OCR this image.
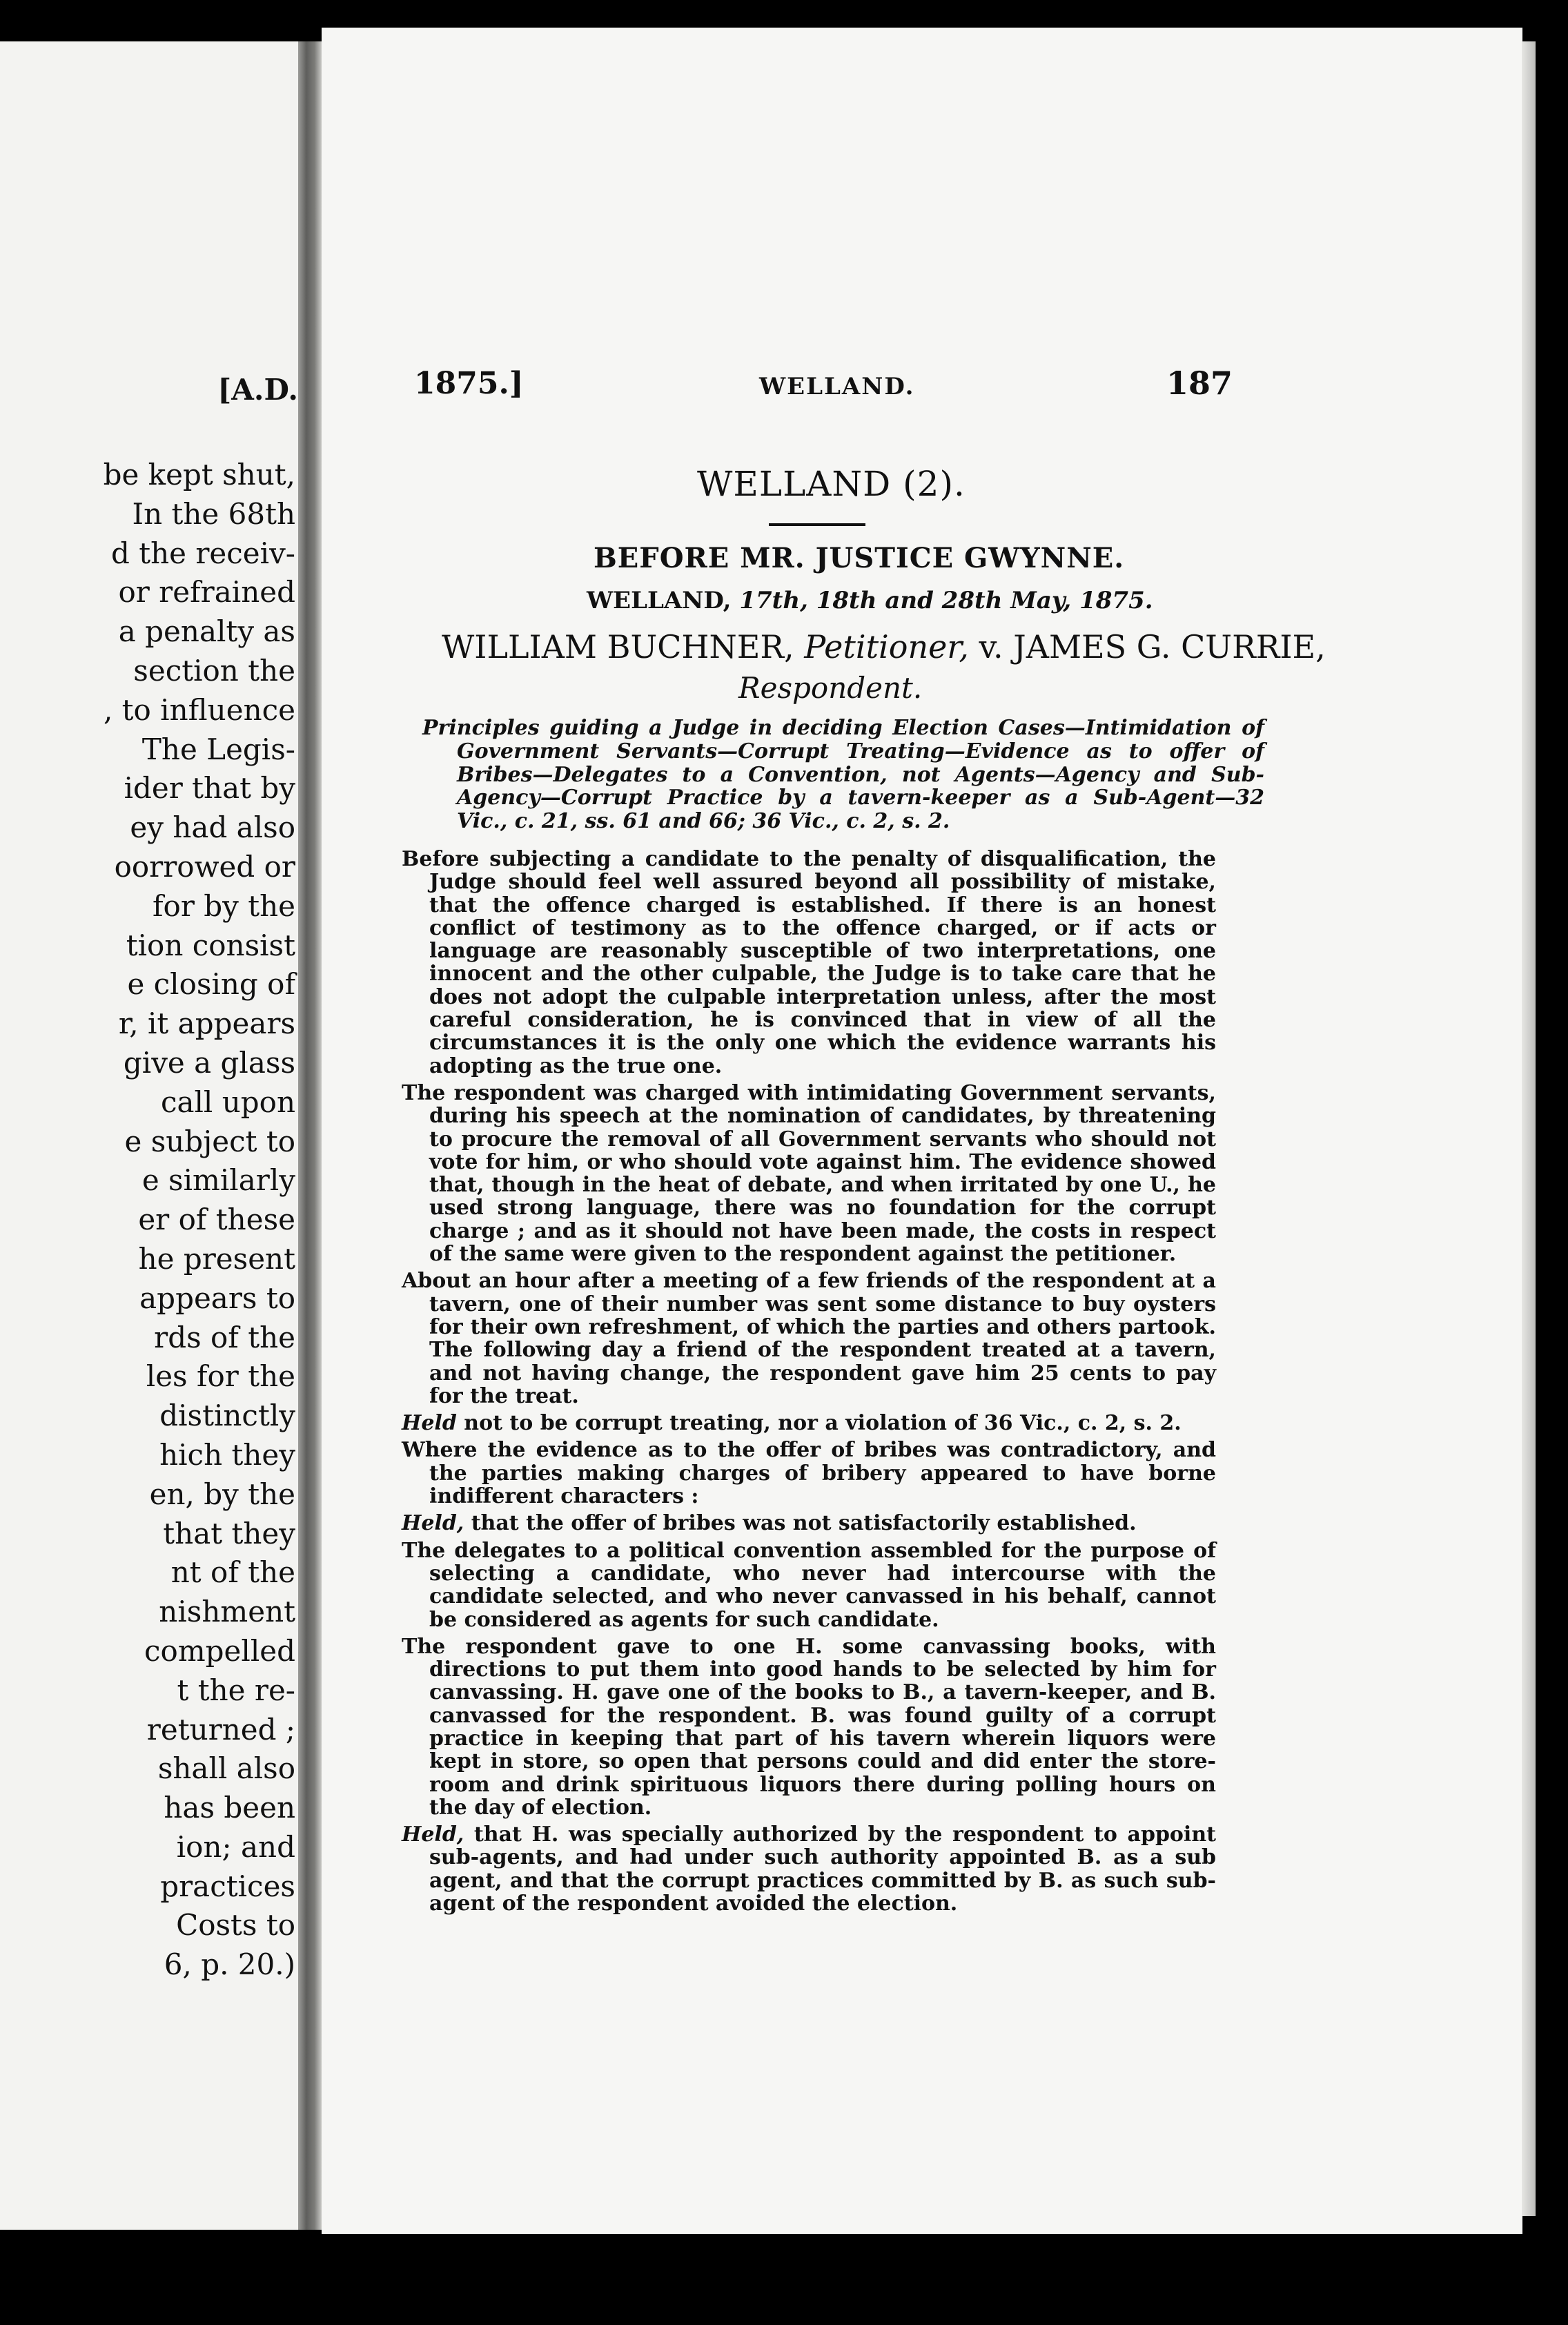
[A.D.
be kept shut,
In the 68th
d the receiv-
or refrained
a penalty as
section the
, to influence
The Legis-
ider that by
ey had also
oorrowed or
for by the
tion consist
e closing of
r, it appears
give a glass
call upon
e subject to
e similarly
er of these
he present
appears to
rds of the
les for the
distinctly
hich they
en, by the
that they
nt of the
nishment
compelled
t the re-
returned ;
shall also
has been
ion; and
practices
Costs to
6, p. 20.)
1875.]	WELLAND.	187
WELLAND (2).
BEFORE MR. JUSTICE GWYNNE.
WELLAND, 17th, 18th and 28th May, 1875.
WILLIAM BUCHNER, Petitioner, v. JAMES G. CURRIE,
Respondent.
Principles guiding a Judge in deciding Election Cases—Intimidation of Government Servants—Corrupt Treating—Evidence as to offer of Bribes—Delegates to a Convention, not Agents—Agency and Sub-Agency—Corrupt Practice by a tavern-keeper as a Sub-Agent—32 Vic., c. 21, ss. 61 and 66; 36 Vic., c. 2, s. 2.
Before subjecting a candidate to the penalty of disqualification, the Judge should feel well assured beyond all possibility of mistake, that the offence charged is established. If there is an honest conflict of testimony as to the offence charged, or if acts or language are reasonably susceptible of two interpretations, one innocent and the other culpable, the Judge is to take care that he does not adopt the culpable interpretation unless, after the most careful consideration, he is convinced that in view of all the circumstances it is the only one which the evidence warrants his adopting as the true one.
The respondent was charged with intimidating Government servants, during his speech at the nomination of candidates, by threatening to procure the removal of all Government servants who should not vote for him, or who should vote against him. The evidence showed that, though in the heat of debate, and when irritated by one U., he used strong language, there was no foundation for the corrupt charge ; and as it should not have been made, the costs in respect of the same were given to the respondent against the petitioner.
About an hour after a meeting of a few friends of the respondent at a tavern, one of their number was sent some distance to buy oysters for their own refreshment, of which the parties and others partook. The following day a friend of the respondent treated at a tavern, and not having change, the respondent gave him 25 cents to pay for the treat.
Held not to be corrupt treating, nor a violation of 36 Vic., c. 2, s. 2.
Where the evidence as to the offer of bribes was contradictory, and the parties making charges of bribery appeared to have borne indifferent characters :
Held, that the offer of bribes was not satisfactorily established.
The delegates to a political convention assembled for the purpose of selecting a candidate, who never had intercourse with the candidate selected, and who never canvassed in his behalf, cannot be considered as agents for such candidate.
The respondent gave to one H. some canvassing books, with directions to put them into good hands to be selected by him for canvassing. H. gave one of the books to B., a tavern-keeper, and B. canvassed for the respondent. B. was found guilty of a corrupt practice in keeping that part of his tavern wherein liquors were kept in store, so open that persons could and did enter the store-room and drink spirituous liquors there during polling hours on the day of election.
Held, that H. was specially authorized by the respondent to appoint sub-agents, and had under such authority appointed B. as a sub agent, and that the corrupt practices committed by B. as such sub-agent of the respondent avoided the election.
